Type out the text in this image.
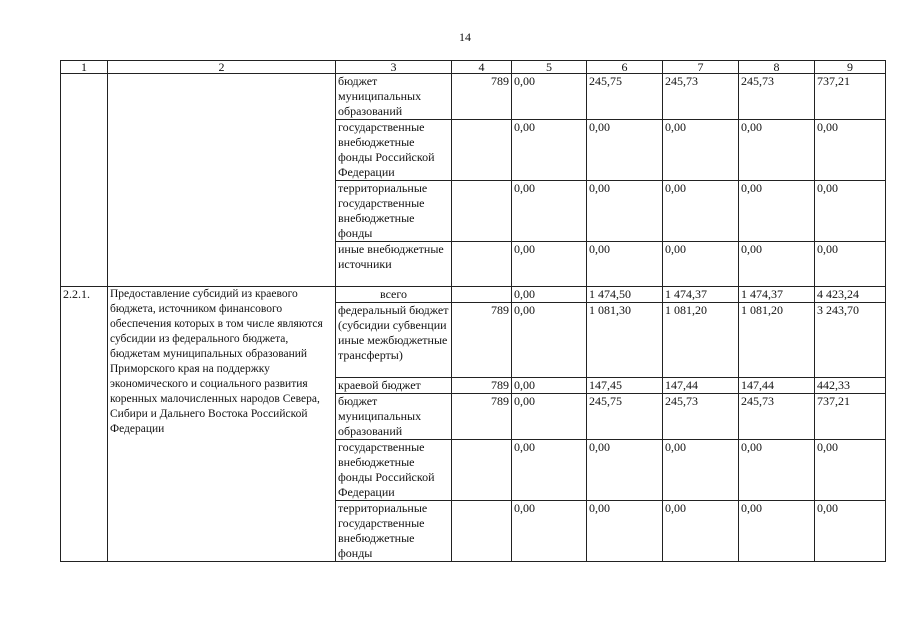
14
1	2	3	4	5	6	7	8	9
		бюджет муниципальных образований	789	0,00	245,75	245,73	245,73	737,21
		государственные внебюджетные фонды Российской Федерации		0,00	0,00	0,00	0,00	0,00
		территориальные государственные внебюджетные фонды		0,00	0,00	0,00	0,00	0,00
		иные внебюджетные источники		0,00	0,00	0,00	0,00	0,00
2.2.1.	Предоставление субсидий из краевого бюджета, источником финансового обеспечения которых в том числе являются субсидии из федерального бюджета, бюджетам муниципальных образований Приморского края на поддержку экономического и социального развития коренных малочисленных народов Севера, Сибири и Дальнего Востока Российской Федерации	всего		0,00	1 474,50	1 474,37	1 474,37	4 423,24
		федеральный бюджет (субсидии субвенции иные межбюджетные трансферты)	789	0,00	1 081,30	1 081,20	1 081,20	3 243,70
		краевой бюджет	789	0,00	147,45	147,44	147,44	442,33
		бюджет муниципальных образований	789	0,00	245,75	245,73	245,73	737,21
		государственные внебюджетные фонды Российской Федерации		0,00	0,00	0,00	0,00	0,00
		территориальные государственные внебюджетные фонды		0,00	0,00	0,00	0,00	0,00
